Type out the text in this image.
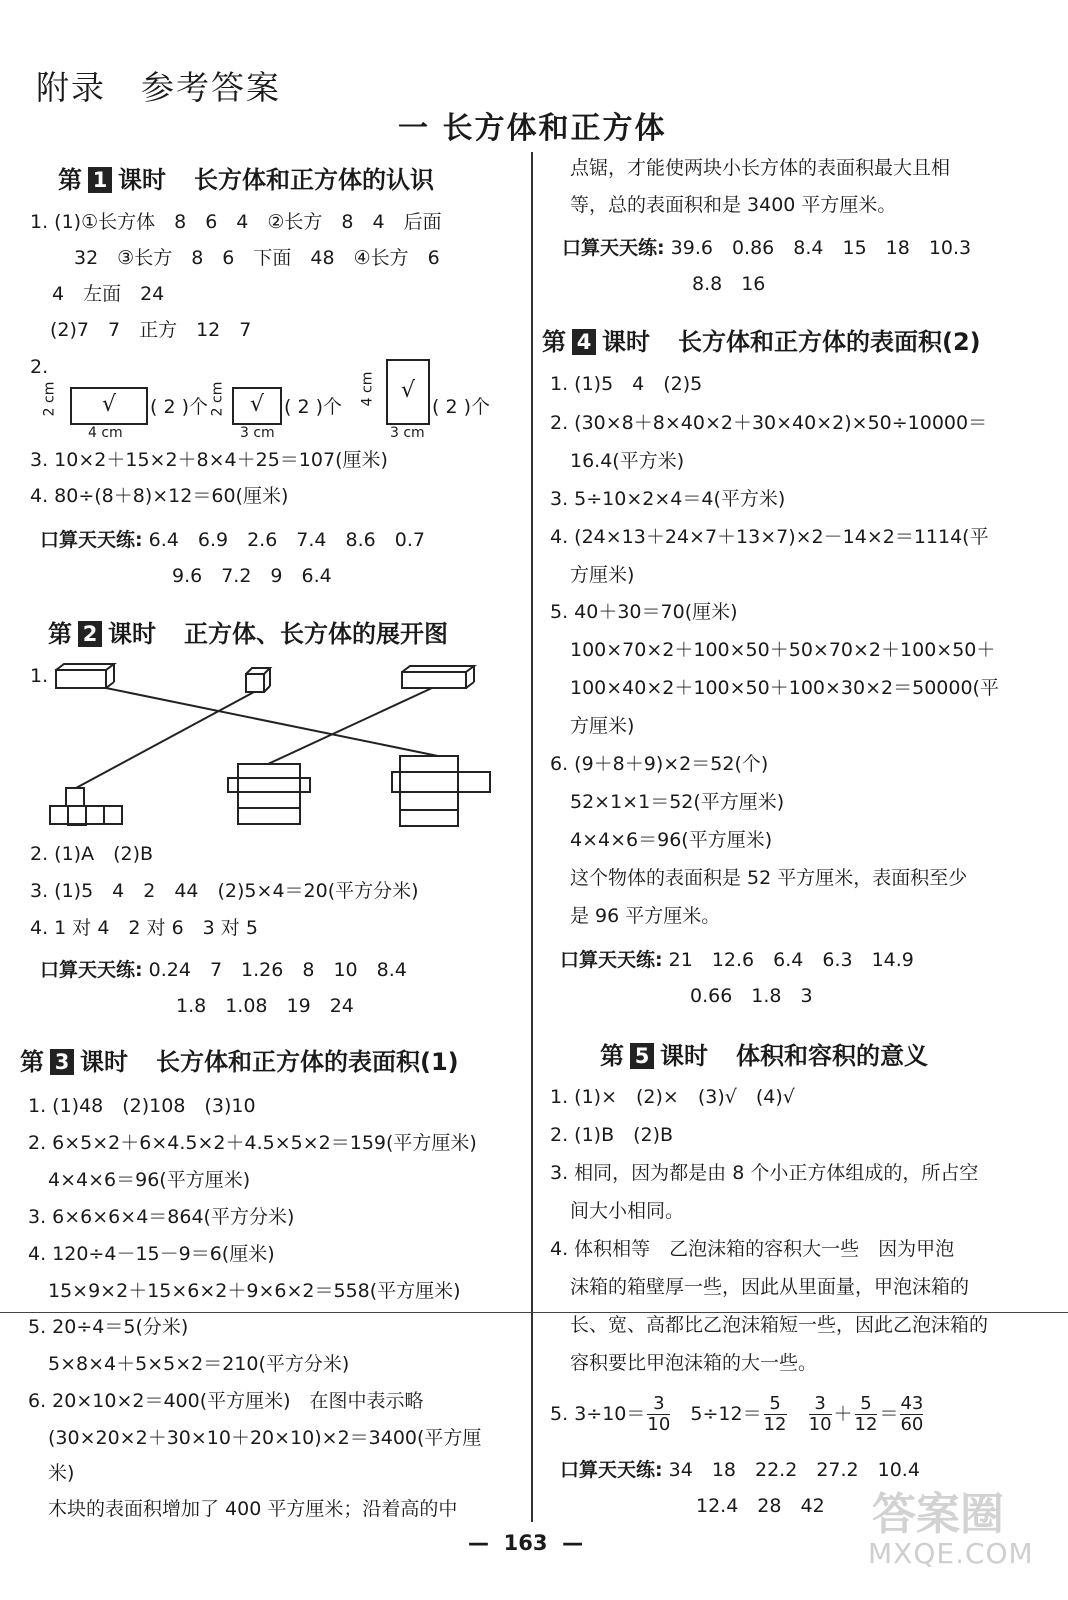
附录　参考答案
一 长方体和正方体
第 1 课时 长方体和正方体的认识
1. (1)①长方体　8　6　4　②长方　8　4　后面
32　③长方　8　6　下面　48　④长方　6
4　左面　24
(2)7　7　正方　12　7
2.
2 cm	√
4 cm
( 2 )个 2 cm	√
3 cm
( 2 )个
4 cm	√
3 cm
( 2 )个
3. 10×2＋15×2＋8×4＋25＝107(厘米)
4. 80÷(8＋8)×12＝60(厘米)
口算天天练: 6.4　6.9　2.6　7.4　8.6　0.7
9.6　7.2　9　6.4
第 2 课时 正方体、长方体的展开图
1.
2. (1)A　(2)B
3. (1)5　4　2　44　(2)5×4＝20(平方分米)
4. 1 对 4　2 对 6　3 对 5
口算天天练: 0.24　7　1.26　8　10　8.4
1.8　1.08　19　24
第 3 课时 长方体和正方体的表面积(1)
1. (1)48　(2)108　(3)10
2. 6×5×2＋6×4.5×2＋4.5×5×2＝159(平方厘米)
4×4×6＝96(平方厘米)
3. 6×6×6×4＝864(平方分米)
4. 120÷4－15－9＝6(厘米)
15×9×2＋15×6×2＋9×6×2＝558(平方厘米)
5. 20÷4＝5(分米)
5×8×4＋5×5×2＝210(平方分米)
6. 20×10×2＝400(平方厘米)　在图中表示略
(30×20×2＋30×10＋20×10)×2＝3400(平方厘
米)
木块的表面积增加了 400 平方厘米；沿着高的中
点锯，才能使两块小长方体的表面积最大且相
等，总的表面积和是 3400 平方厘米。
口算天天练: 39.6　0.86　8.4　15　18　10.3
8.8　16
第 4 课时 长方体和正方体的表面积(2)
1. (1)5　4　(2)5
2. (30×8＋8×40×2＋30×40×2)×50÷10000＝
16.4(平方米)
3. 5÷10×2×4＝4(平方米)
4. (24×13＋24×7＋13×7)×2－14×2＝1114(平
方厘米)
5. 40＋30＝70(厘米)
100×70×2＋100×50＋50×70×2＋100×50＋
100×40×2＋100×50＋100×30×2＝50000(平
方厘米)
6. (9＋8＋9)×2＝52(个)
52×1×1＝52(平方厘米)
4×4×6＝96(平方厘米)
这个物体的表面积是 52 平方厘米，表面积至少
是 96 平方厘米。
口算天天练: 21　12.6　6.4　6.3　14.9
0.66　1.8　3
第 5 课时 体积和容积的意义
1. (1)×　(2)×　(3)√　(4)√
2. (1)B　(2)B
3. 相同，因为都是由 8 个小正方体组成的，所占空
间大小相同。
4. 体积相等　乙泡沫箱的容积大一些　因为甲泡
沫箱的箱壁厚一些，因此从里面量，甲泡沫箱的
长、宽、高都比乙泡沫箱短一些，因此乙泡沫箱的
容积要比甲泡沫箱的大一些。
5. $3\div 10= \frac{3}{10} 5\div 12= \frac{5}{12}$
$\frac{3}{10} + \frac{5}{12} = \frac{43}{60}$
口算天天练: 34　18　22.2　27.2　10.4
12.4　28　42
— 163 —
答案圈
MXQE.COM
